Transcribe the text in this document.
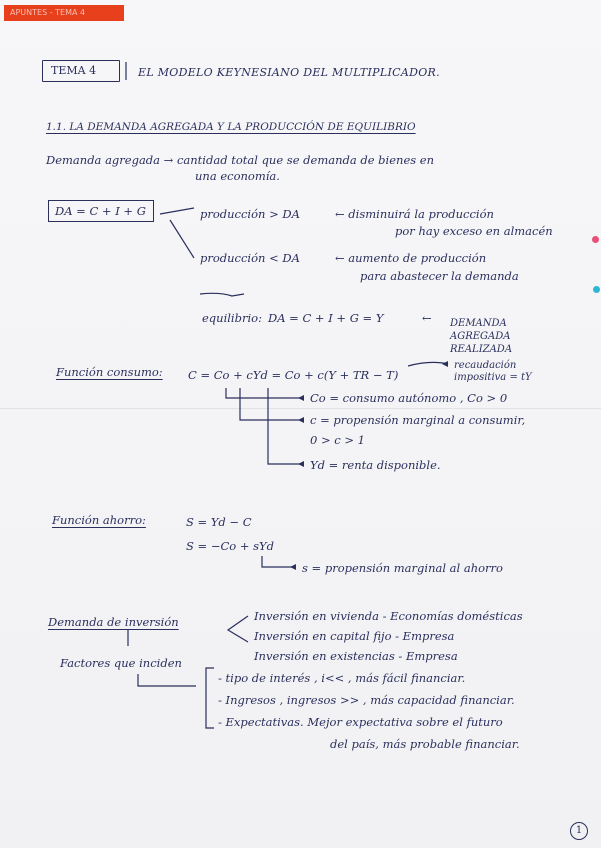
APUNTES - TEMA 4
TEMA 4	EL MODELO KEYNESIANO DEL MULTIPLICADOR.
1.1. LA DEMANDA AGREGADA Y LA PRODUCCIÓN DE EQUILIBRIO
Demanda agregada → cantidad total que se demanda de bienes en
una economía.
DA = C + I + G	producción > DA	← disminuirá la producción
por hay exceso en almacén
producción < DA	← aumento de producción
para abastecer la demanda
equilibrio: DA = C + I + G = Y	← DEMANDA
AGREGADA
REALIZADA
Función consumo: C = Co + cYd = Co + c(Y + TR − T)
recaudación
impositiva = tY
Co = consumo autónomo , Co > 0
c = propensión marginal a consumir,
0 > c > 1
Yd = renta disponible.
Función ahorro:	S = Yd − C
S = −Co + sYd
s = propensión marginal al ahorro
Demanda de inversión	Inversión en vivienda - Economías domésticas
Inversión en capital fijo - Empresa
Inversión en existencias - Empresa
Factores que inciden
- tipo de interés , i<< , más fácil financiar.
- Ingresos , ingresos >> , más capacidad financiar.
- Expectativas. Mejor expectativa sobre el futuro
del país, más probable financiar.
1
